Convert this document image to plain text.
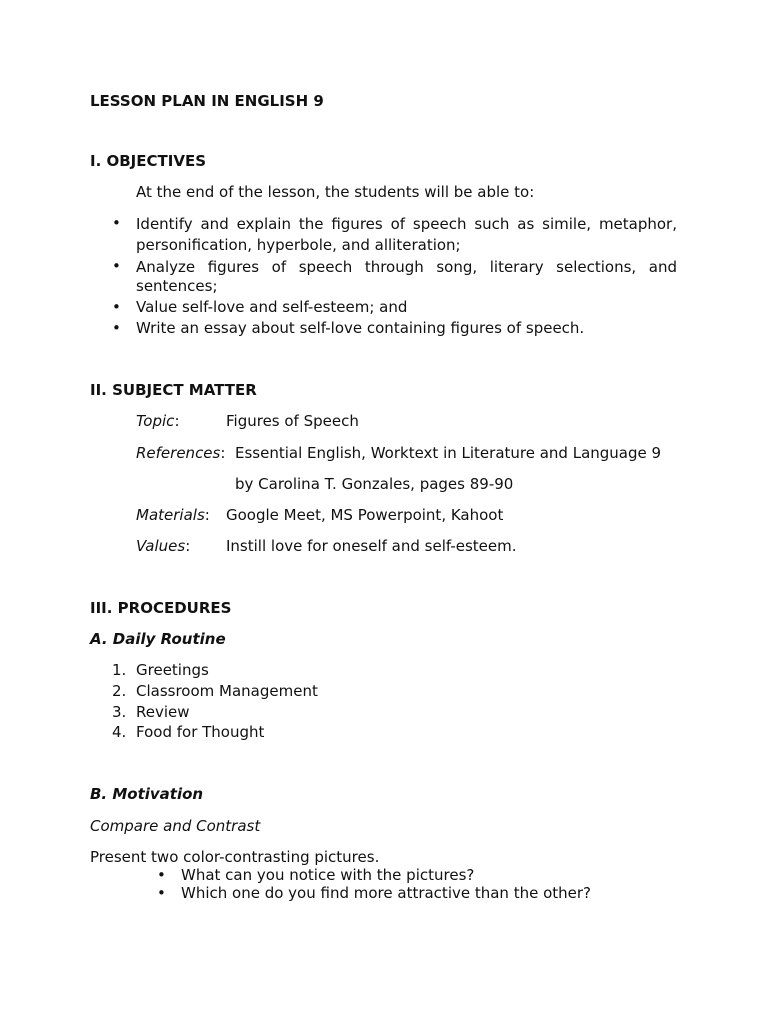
LESSON PLAN IN ENGLISH 9
I. OBJECTIVES
At the end of the lesson, the students will be able to:
• Identify and explain the figures of speech such as simile, metaphor,
personification, hyperbole, and alliteration;
• Analyze figures of speech through song, literary selections, and
sentences;
• Value self-love and self-esteem; and
• Write an essay about self-love containing figures of speech.
II. SUBJECT MATTER
Topic:	Figures of Speech
References: Essential English, Worktext in Literature and Language 9
by Carolina T. Gonzales, pages 89-90
Materials: Google Meet, MS Powerpoint, Kahoot
Values: Instill love for oneself and self-esteem.
III. PROCEDURES
A. Daily Routine
1. Greetings
2. Classroom Management
3. Review
4. Food for Thought
B. Motivation
Compare and Contrast
Present two color-contrasting pictures.
• What can you notice with the pictures?
• Which one do you find more attractive than the other?
